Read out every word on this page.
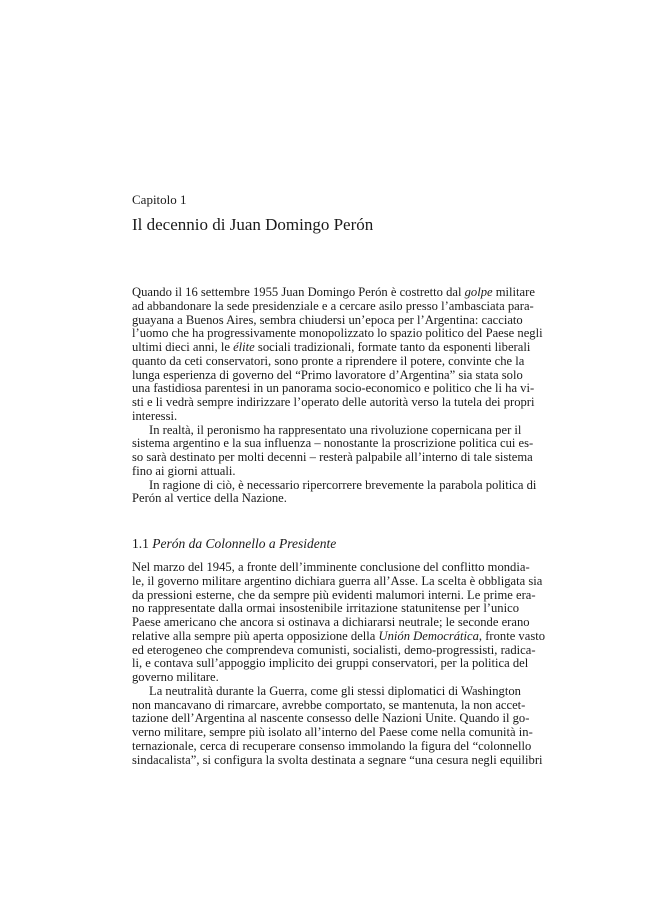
Capitolo 1
Il decennio di Juan Domingo Perón
Quando il 16 settembre 1955 Juan Domingo Perón è costretto dal golpe militare
ad abbandonare la sede presidenziale e a cercare asilo presso l’ambasciata para-
guayana a Buenos Aires, sembra chiudersi un’epoca per l’Argentina: cacciato
l’uomo che ha progressivamente monopolizzato lo spazio politico del Paese negli
ultimi dieci anni, le élite sociali tradizionali, formate tanto da esponenti liberali
quanto da ceti conservatori, sono pronte a riprendere il potere, convinte che la
lunga esperienza di governo del “Primo lavoratore d’Argentina” sia stata solo
una fastidiosa parentesi in un panorama socio-economico e politico che li ha vi-
sti e li vedrà sempre indirizzare l’operato delle autorità verso la tutela dei propri
interessi.
In realtà, il peronismo ha rappresentato una rivoluzione copernicana per il
sistema argentino e la sua influenza – nonostante la proscrizione politica cui es-
so sarà destinato per molti decenni – resterà palpabile all’interno di tale sistema
fino ai giorni attuali.
In ragione di ciò, è necessario ripercorrere brevemente la parabola politica di
Perón al vertice della Nazione.
1.1 Perón da Colonnello a Presidente
Nel marzo del 1945, a fronte dell’imminente conclusione del conflitto mondia-
le, il governo militare argentino dichiara guerra all’Asse. La scelta è obbligata sia
da pressioni esterne, che da sempre più evidenti malumori interni. Le prime era-
no rappresentate dalla ormai insostenibile irritazione statunitense per l’unico
Paese americano che ancora si ostinava a dichiararsi neutrale; le seconde erano
relative alla sempre più aperta opposizione della Unión Democrática, fronte vasto
ed eterogeneo che comprendeva comunisti, socialisti, demo-progressisti, radica-
li, e contava sull’appoggio implicito dei gruppi conservatori, per la politica del
governo militare.
La neutralità durante la Guerra, come gli stessi diplomatici di Washington
non mancavano di rimarcare, avrebbe comportato, se mantenuta, la non accet-
tazione dell’Argentina al nascente consesso delle Nazioni Unite. Quando il go-
verno militare, sempre più isolato all’interno del Paese come nella comunità in-
ternazionale, cerca di recuperare consenso immolando la figura del “colonnello
sindacalista”, si configura la svolta destinata a segnare “una cesura negli equilibri
